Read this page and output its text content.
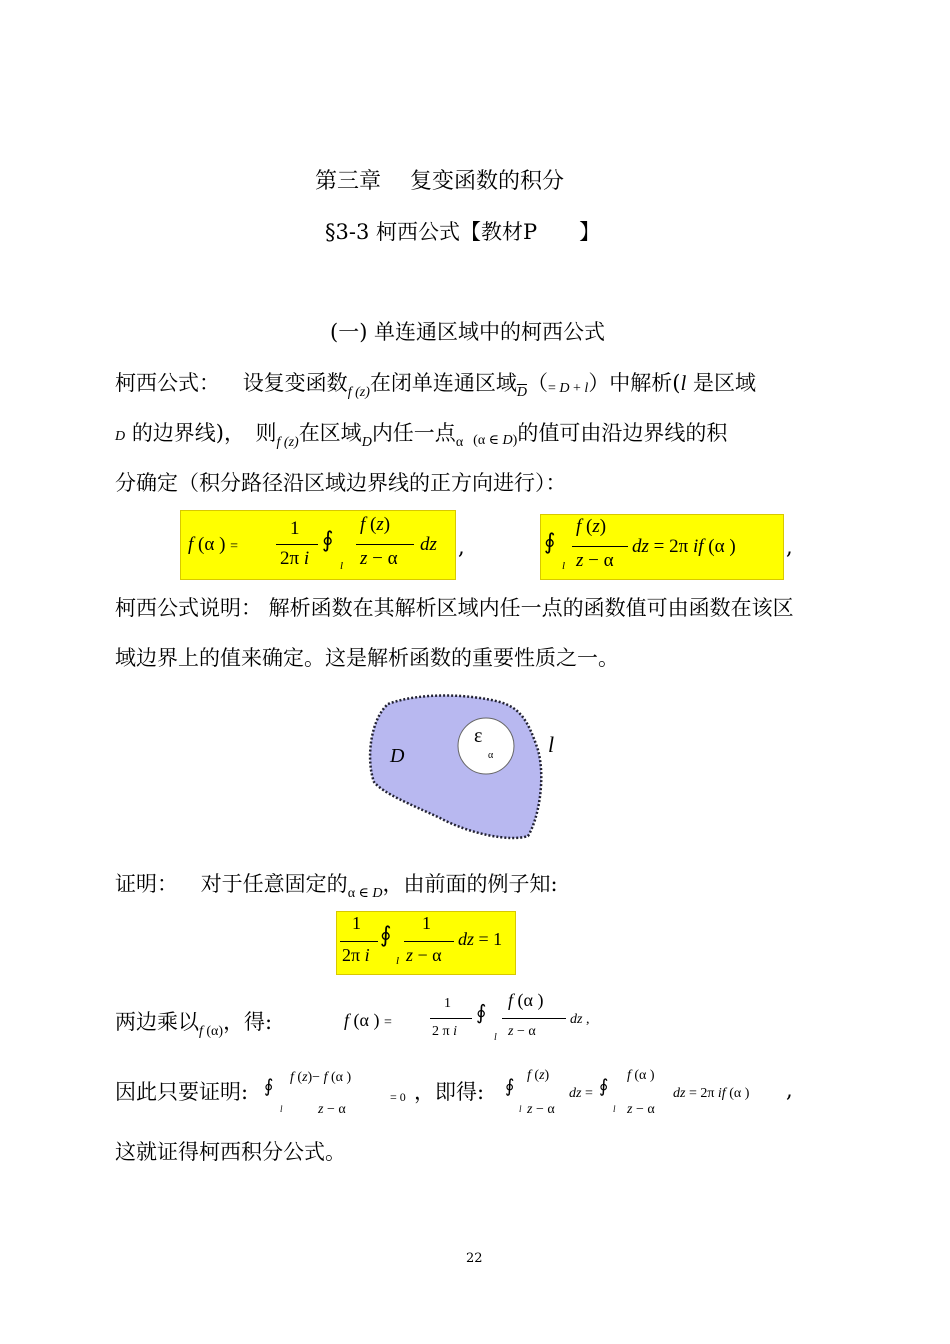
第三章　 复变函数的积分
§3-3 柯西公式【教材P　　】
(一) 单连通区域中的柯西公式
柯西公式： 设复变函数$_{f (z)}$在闭单连通区域$_{\overline{D}}$（= D + l）中解析(l 是区域
D 的边界线)，　则$_{f (z)}$在区域$_D$内任一点$_\alpha$ (α ∈ D)的值可由沿边界线的积
分确定（积分路径沿区域边界线的正方向进行）：
f (α ) =
1
2π i
∮
l
f (z)
z − α
dz ,	∮
l
f (z)
z − α
dz = 2π if (α ) ,
柯西公式说明： 解析函数在其解析区域内任一点的函数值可由函数在该区
域边界上的值来确定。这是解析函数的重要性质之一。
ε
α
D	l
证明： 对于任意固定的$_{\alpha \in D}$，由前面的例子知:
1
2π i
∮
l
1
z − α
dz = 1
两边乘以$_{f (\alpha)}$，得:	f (α ) =
1
2 π i
∮
l
f (α )
z − α
dz ,
因此只要证明: ∮
l
f (z)− f (α )
z − α
= 0 ，即得: ∮
l
f (z)
z − α
dz = ∮
l
f (α )
z − α
dz = 2π if (α ) ,
这就证得柯西积分公式。
22
